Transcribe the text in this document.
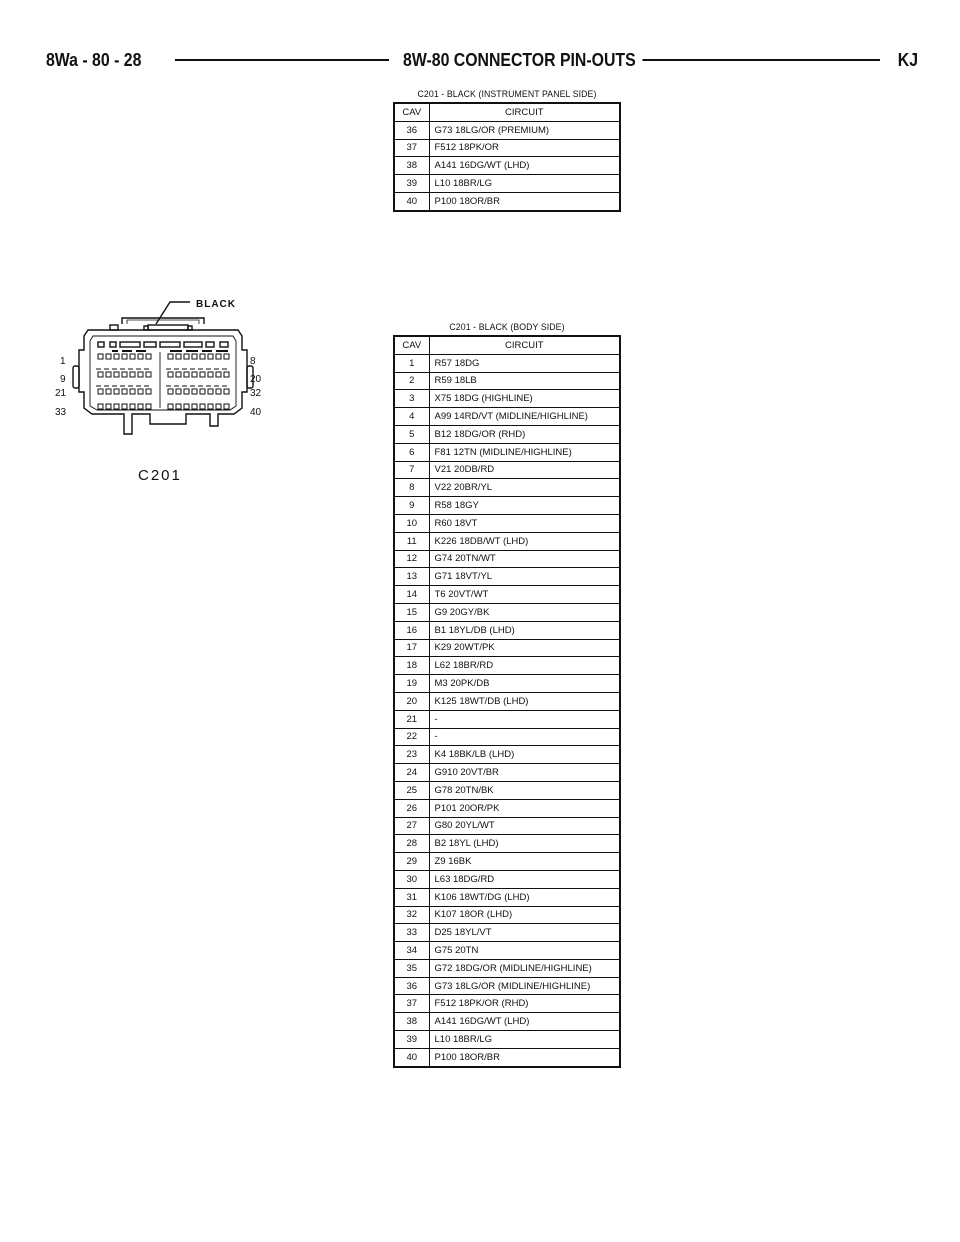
8Wa - 80 - 28	8W-80 CONNECTOR PIN-OUTS	KJ
C201 - BLACK (INSTRUMENT PANEL SIDE)
CAV	CIRCUIT
36	G73 18LG/OR (PREMIUM)
37	F512 18PK/OR
38	A141 16DG/WT (LHD)
39	L10 18BR/LG
40	P100 18OR/BR
BLACK
1
9
21
33
8
20
32
40
C201
C201 - BLACK (BODY SIDE)
CAV	CIRCUIT
1	R57 18DG
2	R59 18LB
3	X75 18DG (HIGHLINE)
4	A99 14RD/VT (MIDLINE/HIGHLINE)
5	B12 18DG/OR (RHD)
6	F81 12TN (MIDLINE/HIGHLINE)
7	V21 20DB/RD
8	V22 20BR/YL
9	R58 18GY
10	R60 18VT
11	K226 18DB/WT (LHD)
12	G74 20TN/WT
13	G71 18VT/YL
14	T6 20VT/WT
15	G9 20GY/BK
16	B1 18YL/DB (LHD)
17	K29 20WT/PK
18	L62 18BR/RD
19	M3 20PK/DB
20	K125 18WT/DB (LHD)
21	-
22	-
23	K4 18BK/LB (LHD)
24	G910 20VT/BR
25	G78 20TN/BK
26	P101 20OR/PK
27	G80 20YL/WT
28	B2 18YL (LHD)
29	Z9 16BK
30	L63 18DG/RD
31	K106 18WT/DG (LHD)
32	K107 18OR (LHD)
33	D25 18YL/VT
34	G75 20TN
35	G72 18DG/OR (MIDLINE/HIGHLINE)
36	G73 18LG/OR (MIDLINE/HIGHLINE)
37	F512 18PK/OR (RHD)
38	A141 16DG/WT (LHD)
39	L10 18BR/LG
40	P100 18OR/BR
